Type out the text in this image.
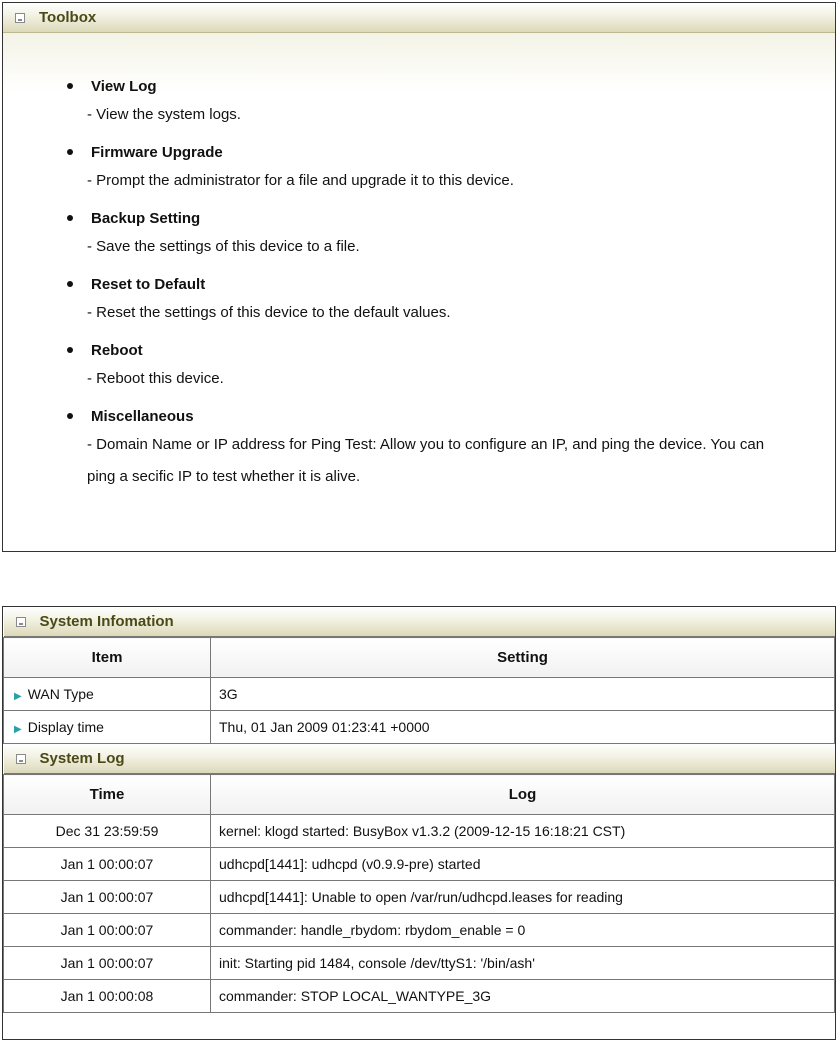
Toolbox
View Log
- View the system logs.
Firmware Upgrade
- Prompt the administrator for a file and upgrade it to this device.
Backup Setting
- Save the settings of this device to a file.
Reset to Default
- Reset the settings of this device to the default values.
Reboot
- Reboot this device.
Miscellaneous
- Domain Name or IP address for Ping Test: Allow you to configure an IP, and ping the device. You can ping a secific IP to test whether it is alive.
System Infomation	

Item	Setting
▶ WAN Type	3G
▶ Display time	Thu, 01 Jan 2009 01:23:41 +0000

System Log	

Time	Log
Dec 31 23:59:59	kernel: klogd started: BusyBox v1.3.2 (2009-12-15 16:18:21 CST)
Jan 1 00:00:07	udhcpd[1441]: udhcpd (v0.9.9-pre) started
Jan 1 00:00:07	udhcpd[1441]: Unable to open /var/run/udhcpd.leases for reading
Jan 1 00:00:07	commander: handle_rbydom: rbydom_enable = 0
Jan 1 00:00:07	init: Starting pid 1484, console /dev/ttyS1: '/bin/ash'
Jan 1 00:00:08	commander: STOP LOCAL_WANTYPE_3G
